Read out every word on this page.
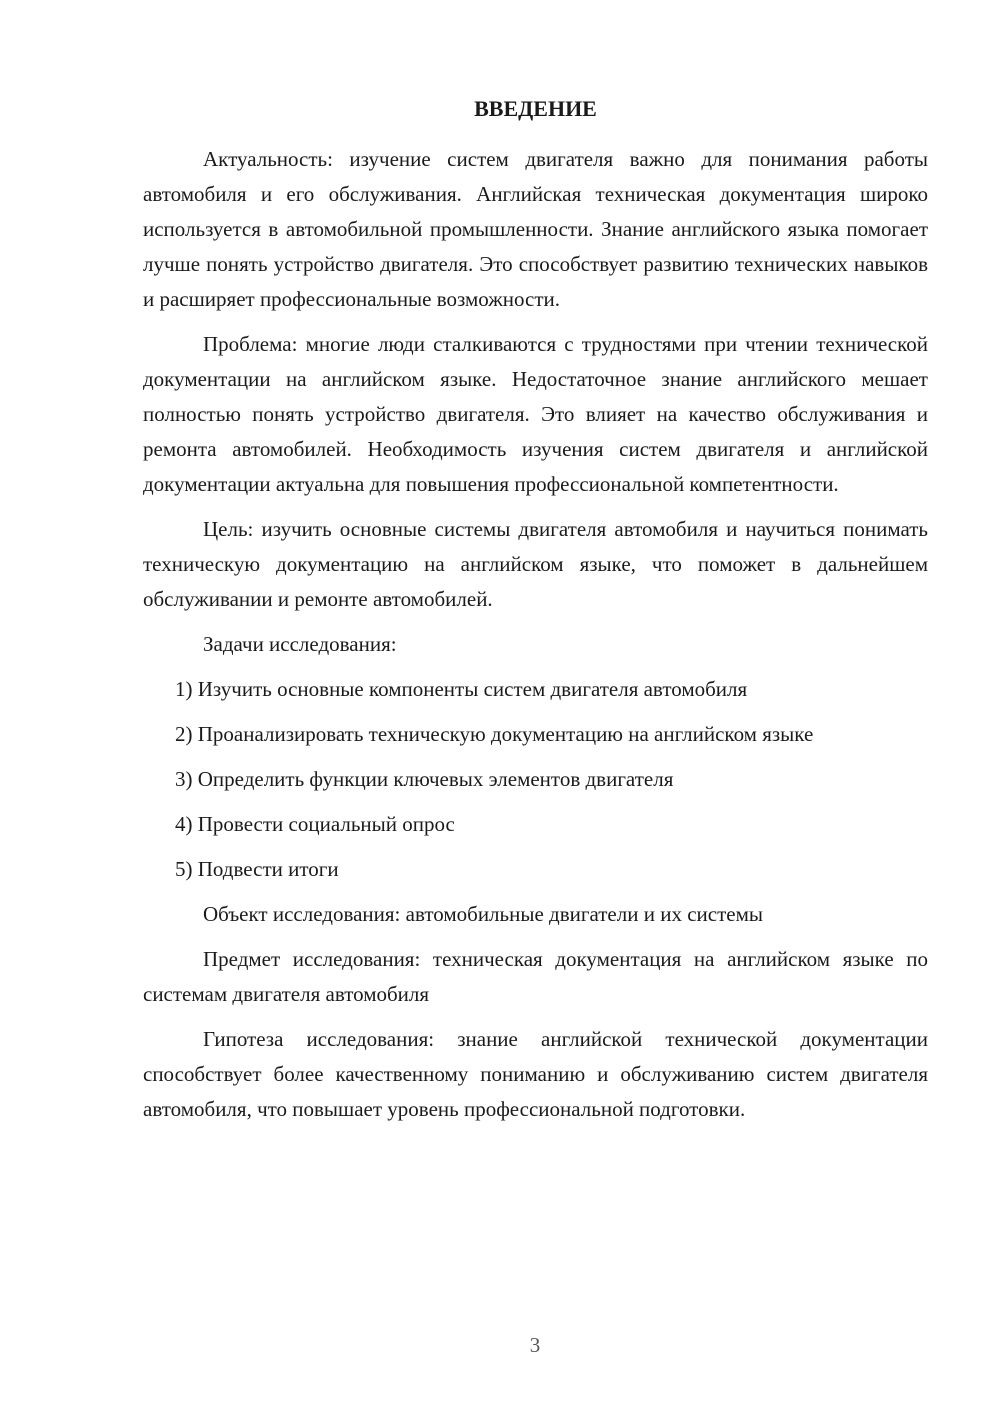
ВВЕДЕНИЕ

Актуальность: изучение систем двигателя важно для понимания работы автомобиля и его обслуживания. Английская техническая документация широко используется в автомобильной промышленности. Знание английского языка помогает лучше понять устройство двигателя. Это способствует развитию технических навыков и расширяет профессиональные возможности.

Проблема: многие люди сталкиваются с трудностями при чтении технической документации на английском языке. Недостаточное знание английского мешает полностью понять устройство двигателя. Это влияет на качество обслуживания и ремонта автомобилей. Необходимость изучения систем двигателя и английской документации актуальна для повышения профессиональной компетентности.

Цель: изучить основные системы двигателя автомобиля и научиться понимать техническую документацию на английском языке, что поможет в дальнейшем обслуживании и ремонте автомобилей.

Задачи исследования:

1) Изучить основные компоненты систем двигателя автомобиля

2) Проанализировать техническую документацию на английском языке

3) Определить функции ключевых элементов двигателя

4) Провести социальный опрос

5) Подвести итоги

Объект исследования: автомобильные двигатели и их системы

Предмет исследования: техническая документация на английском языке по системам двигателя автомобиля

Гипотеза исследования: знание английской технической документации способствует более качественному пониманию и обслуживанию систем двигателя автомобиля, что повышает уровень профессиональной подготовки.

3
